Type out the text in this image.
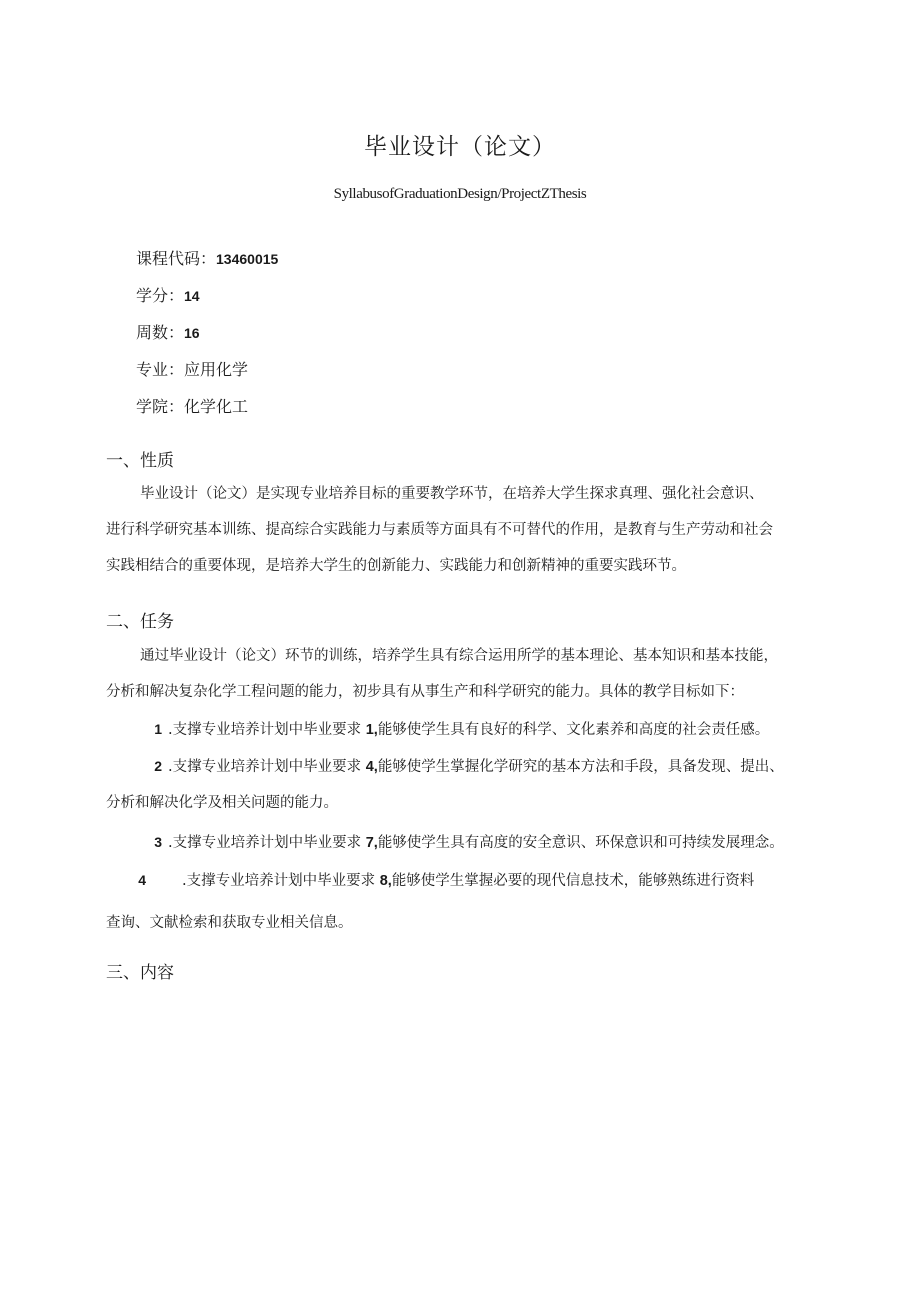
毕业设计（论文）
SyllabusofGraduationDesign/ProjectZThesis
课程代码：13460015
学分：14
周数：16
专业：应用化学
学院：化学化工
一、性质
毕业设计（论文）是实现专业培养目标的重要教学环节，在培养大学生探求真理、强化社会意识、
进行科学研究基本训练、提高综合实践能力与素质等方面具有不可替代的作用，是教育与生产劳动和社会
实践相结合的重要体现，是培养大学生的创新能力、实践能力和创新精神的重要实践环节。
二、任务
通过毕业设计（论文）环节的训练，培养学生具有综合运用所学的基本理论、基本知识和基本技能，
分析和解决复杂化学工程问题的能力，初步具有从事生产和科学研究的能力。具体的教学目标如下：
1 .支撑专业培养计划中毕业要求 1,能够使学生具有良好的科学、文化素养和高度的社会责任感。
2 .支撑专业培养计划中毕业要求 4,能够使学生掌握化学研究的基本方法和手段，具备发现、提出、
分析和解决化学及相关问题的能力。
3 .支撑专业培养计划中毕业要求 7,能够使学生具有高度的安全意识、环保意识和可持续发展理念。
4 .支撑专业培养计划中毕业要求 8,能够使学生掌握必要的现代信息技术，能够熟练进行资料
查询、文献检索和获取专业相关信息。
三、内容
